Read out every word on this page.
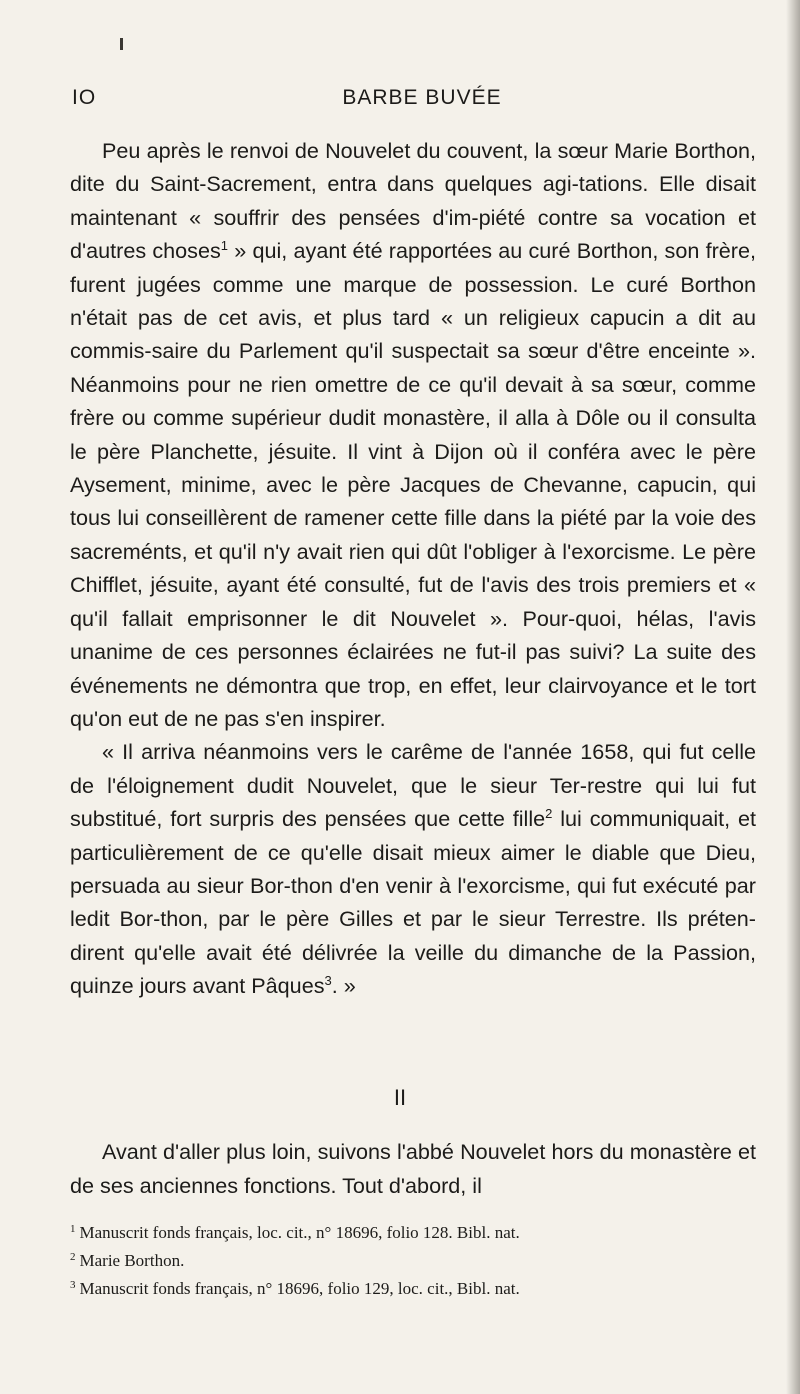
IO	BARBE BUVÉE

Peu après le renvoi de Nouvelet du couvent, la sœur Marie Borthon, dite du Saint-Sacrement, entra dans quelques agi-tations. Elle disait maintenant « souffrir des pensées d'im-piété contre sa vocation et d'autres choses$^1$ » qui, ayant été rapportées au curé Borthon, son frère, furent jugées comme une marque de possession. Le curé Borthon n'était pas de cet avis, et plus tard « un religieux capucin a dit au commis-saire du Parlement qu'il suspectait sa sœur d'être enceinte ». Néanmoins pour ne rien omettre de ce qu'il devait à sa sœur, comme frère ou comme supérieur dudit monastère, il alla à Dôle ou il consulta le père Planchette, jésuite. Il vint à Dijon où il conféra avec le père Aysement, minime, avec le père Jacques de Chevanne, capucin, qui tous lui conseillèrent de ramener cette fille dans la piété par la voie des sacreménts, et qu'il n'y avait rien qui dût l'obliger à l'exorcisme. Le père Chifflet, jésuite, ayant été consulté, fut de l'avis des trois premiers et « qu'il fallait emprisonner le dit Nouvelet ». Pour-quoi, hélas, l'avis unanime de ces personnes éclairées ne fut-il pas suivi? La suite des événements ne démontra que trop, en effet, leur clairvoyance et le tort qu'on eut de ne pas s'en inspirer.

« Il arriva néanmoins vers le carême de l'année 1658, qui fut celle de l'éloignement dudit Nouvelet, que le sieur Ter-restre qui lui fut substitué, fort surpris des pensées que cette fille$^2$ lui communiquait, et particulièrement de ce qu'elle disait mieux aimer le diable que Dieu, persuada au sieur Bor-thon d'en venir à l'exorcisme, qui fut exécuté par ledit Bor-thon, par le père Gilles et par le sieur Terrestre. Ils préten-dirent qu'elle avait été délivrée la veille du dimanche de la Passion, quinze jours avant Pâques$^3$. »

II

Avant d'aller plus loin, suivons l'abbé Nouvelet hors du monastère et de ses anciennes fonctions. Tout d'abord, il

$^1$ Manuscrit fonds français, loc. cit., n° 18696, folio 128. Bibl. nat.
$^2$ Marie Borthon.
$^3$ Manuscrit fonds français, n° 18696, folio 129, loc. cit., Bibl. nat.
